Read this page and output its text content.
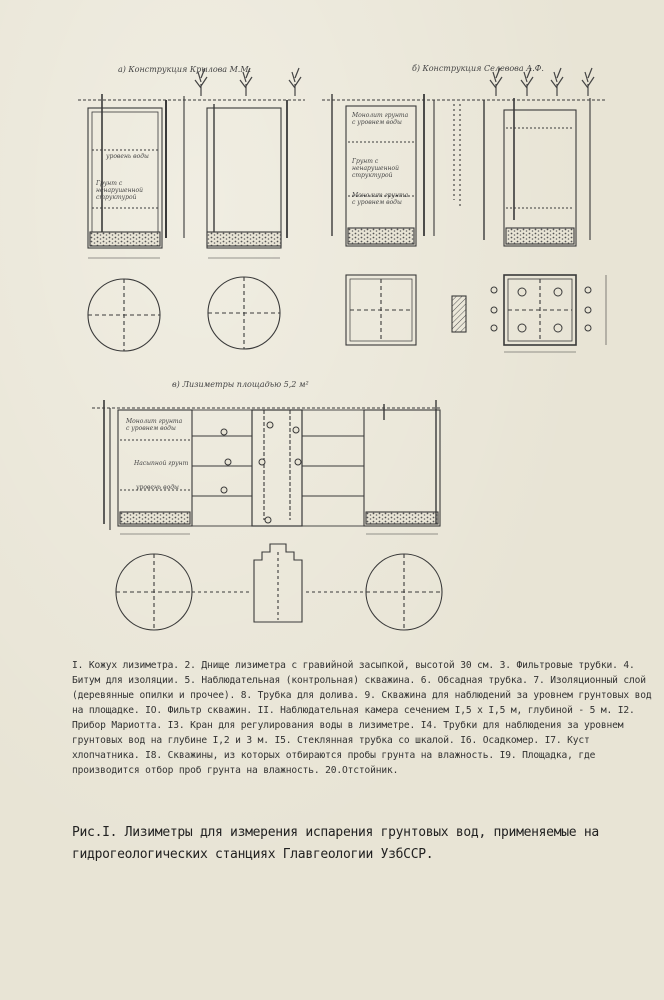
а) Конструкция Крылова М.М.	б) Конструкция Селевова А.Ф.
в) Лизиметры площадью 5,2 м²
уровень воды
Грунт с ненарушенной структурой
Монолит грунта с уровнем воды
Грунт с ненарушенной структурой
Монолит грунта с уровнем воды
Монолит грунта с уровнем воды
Насыпной грунт
уровень воды
I. Кожух лизиметра. 2. Днище лизиметра с гравийной засыпкой, высотой 30 см. 3. Фильтровые трубки. 4. Битум для изоляции. 5. Наблюдательная (контрольная) скважина. 6. Обсадная трубка. 7. Изоляционный слой (деревянные опилки и прочее). 8. Трубка для долива. 9. Скважина для наблюдений за уровнем грунтовых вод на площадке. IO. Фильтр скважин. II. Наблюдательная камера сечением I,5 х I,5 м, глубиной - 5 м. I2. Прибор Мариотта. I3. Кран для регулирования воды в лизиметре. I4. Трубки для наблюдения за уровнем грунтовых вод на глубине I,2 и 3 м. I5. Стеклянная трубка со шкалой. I6. Осадкомер. I7. Куст хлопчатника. I8. Скважины, из которых отбираются пробы грунта на влажность. I9. Площадка, где производится отбор проб грунта на влажность. 20.Отстойник.
Рис.I. Лизиметры для измерения испарения грунтовых вод, применяемые на гидрогеологических станциях Главгеологии УзбССР.
